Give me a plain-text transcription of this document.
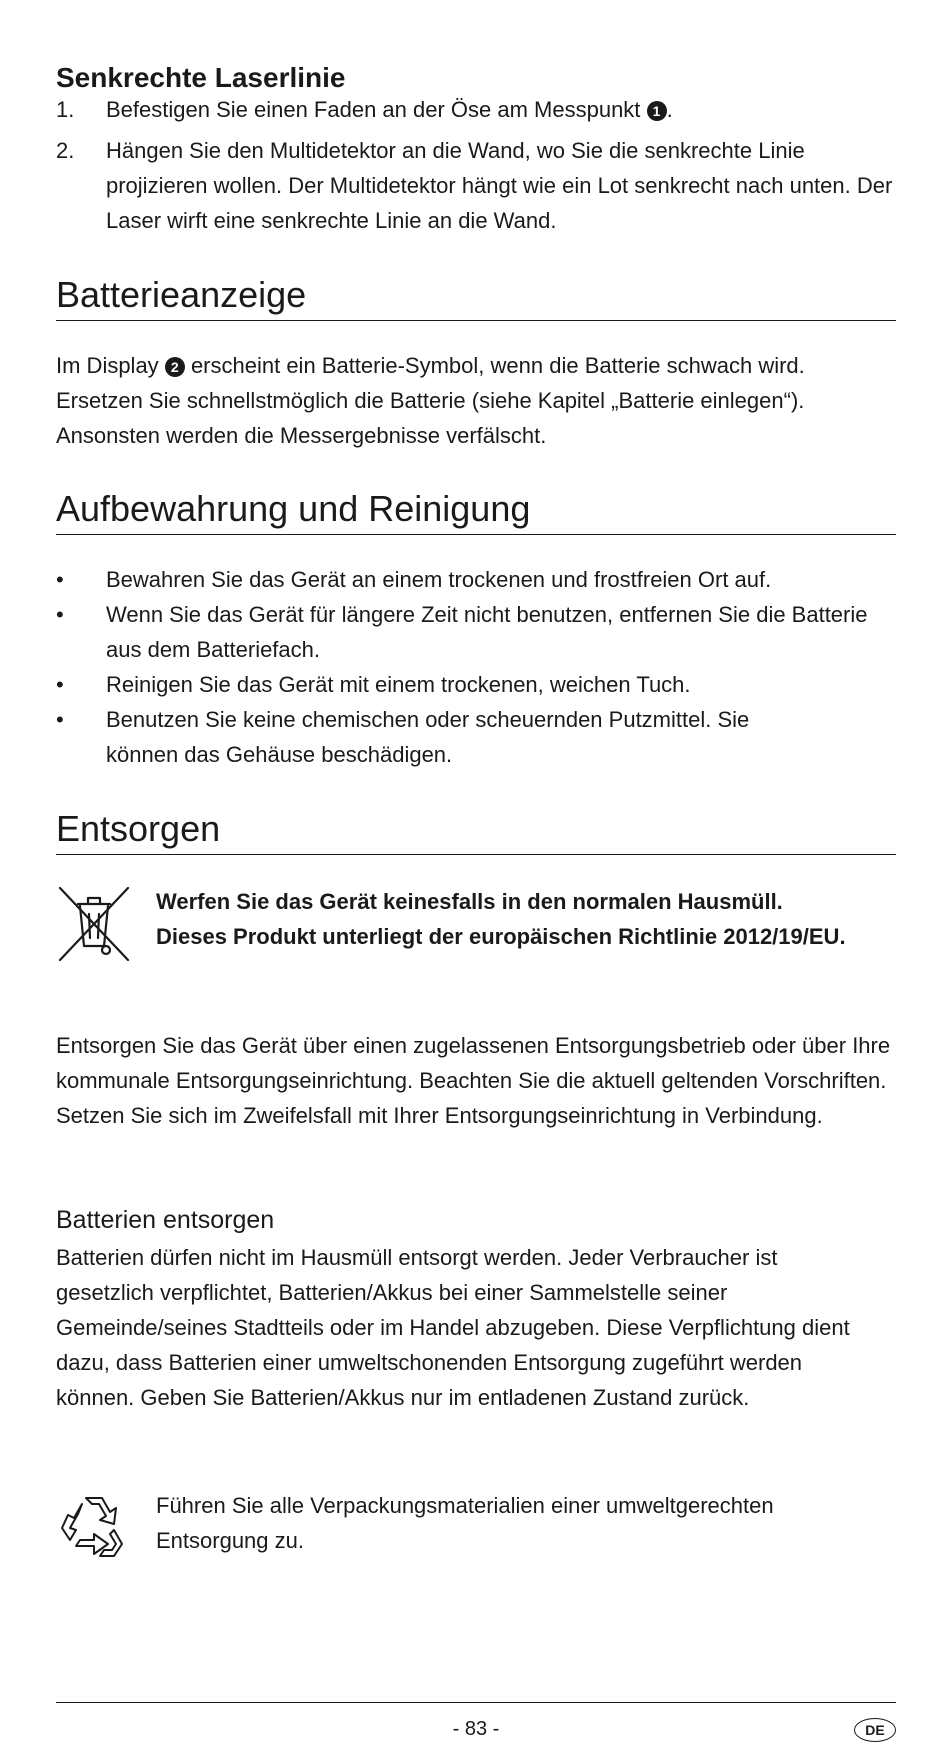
Senkrechte Laserlinie
1. Befestigen Sie einen Faden an der Öse am Messpunkt 1 .
2. Hängen Sie den Multidetektor an die Wand, wo Sie die senkrechte Linie projizieren wollen. Der Multidetektor hängt wie ein Lot senkrecht nach unten. Der Laser wirft eine senkrechte Linie an die Wand.
Batterieanzeige
Im Display 2 erscheint ein Batterie-Symbol, wenn die Batterie schwach wird. Ersetzen Sie schnellstmöglich die Batterie (siehe Kapitel „Batterie einlegen“). Ansonsten werden die Messergebnisse verfälscht.
Aufbewahrung und Reinigung
• Bewahren Sie das Gerät an einem trockenen und frostfreien Ort auf.
• Wenn Sie das Gerät für längere Zeit nicht benutzen, entfernen Sie die Batterie aus dem Batteriefach.
• Reinigen Sie das Gerät mit einem trockenen, weichen Tuch.
• Benutzen Sie keine chemischen oder scheuernden Putzmittel. Sie können das Gehäuse beschädigen.
Entsorgen
Werfen Sie das Gerät keinesfalls in den normalen Hausmüll. Dieses Produkt unterliegt der europäischen Richtlinie 2012/19/EU.
Entsorgen Sie das Gerät über einen zugelassenen Entsorgungsbetrieb oder über Ihre kommunale Entsorgungseinrichtung. Beachten Sie die aktuell geltenden Vorschriften. Setzen Sie sich im Zweifelsfall mit Ihrer Entsorgungseinrichtung in Verbindung.
Batterien entsorgen
Batterien dürfen nicht im Hausmüll entsorgt werden. Jeder Verbraucher ist gesetzlich verpflichtet, Batterien/Akkus bei einer Sammelstelle seiner Gemeinde/seines Stadtteils oder im Handel abzugeben. Diese Verpflichtung dient dazu, dass Batterien einer umweltschonenden Entsorgung zugeführt werden können. Geben Sie Batterien/Akkus nur im entladenen Zustand zurück.
Führen Sie alle Verpackungsmaterialien einer umweltgerechten Entsorgung zu.
- 83 -	DE
